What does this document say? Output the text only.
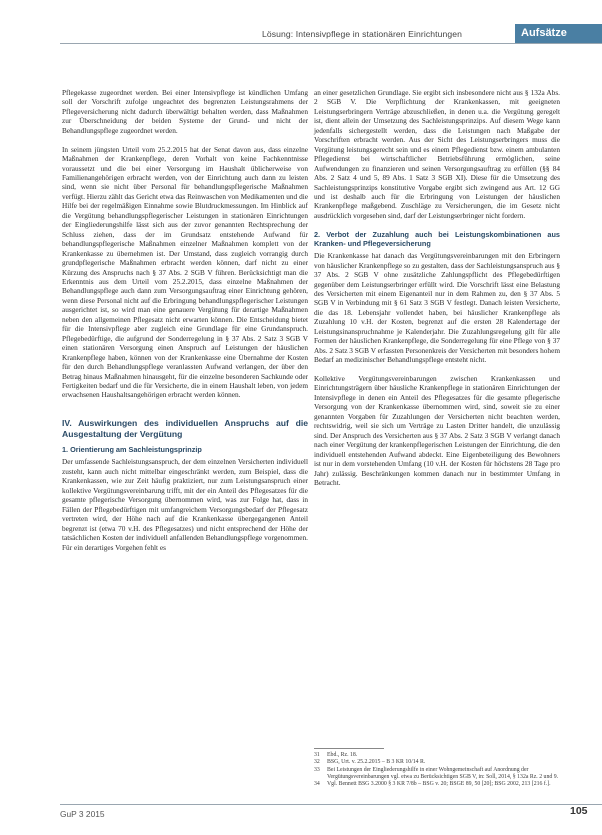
Lösung: Intensivpflege in stationären Einrichtungen	Aufsätze

Pflegekasse zugeordnet werden. Bei einer Intensivpflege ist kündlichen Umfang soll der Vorschrift zufolge ungeachtet des begrenzten Leistungsrahmens der Pflegeversicherung nicht dadurch überwältigt behalten werden, dass Maßnahmen zur Überschneidung der beiden Systeme der Grund- und nicht der Behandlungspflege zugeordnet werden.

In seinem jüngsten Urteil vom 25.2.2015 hat der Senat davon aus, dass einzelne Maßnahmen der Krankenpflege, deren Vorhalt von keine Fachkenntnisse voraussetzt und die bei einer Versorgung im Haushalt üblicherweise von Familienangehörigen erbracht werden, von der Einrichtung auch dann zu leisten sind, wenn sie nicht über Personal für behandlungspflegerische Maßnahmen verfügt. Hierzu zählt das Gericht etwa das Reinwaschen von Medikamenten und die Hilfe bei der regelmäßigen Einnahme sowie Blutdruckmessungen. Im Hinblick auf die Vergütung behandlungspflegerischer Leistungen in stationären Einrichtungen der Eingliederungshilfe lässt sich aus der zuvor genannten Rechtsprechung der Schluss ziehen, dass der im Grundsatz entstehende Aufwand für behandlungspflegerische Maßnahmen einzelner Maßnahmen komplett von der Krankenkasse zu übernehmen ist. Der Umstand, dass zugleich vorrangig durch grundpflegerische Maßnahmen erbracht werden können, darf nicht zu einer Kürzung des Anspruchs nach § 37 Abs. 2 SGB V führen. Berücksichtigt man die Erkenntnis aus dem Urteil vom 25.2.2015, dass einzelne Maßnahmen der Behandlungspflege auch dann zum Versorgungsauftrag einer Einrichtung gehören, wenn diese Personal nicht auf die Erbringung behandlungspflegerischer Leistungen ausgerichtet ist, so wird man eine genauere Vergütung für derartige Maßnahmen neben den allgemeinen Pflegesatz nicht erwarten können. Die Entscheidung bietet für die Intensivpflege aber zugleich eine Grundlage für eine Grundanspruch. Pflegebedürftige, die aufgrund der Sonderregelung in § 37 Abs. 2 Satz 3 SGB V einen stationären Versorgung einen Anspruch auf Leistungen der häuslichen Krankenpflege haben, können von der Krankenkasse eine Übernahme der Kosten für den durch Behandlungspflege veranlassten Aufwand verlangen, der über den Betrag hinaus Maßnahmen hinausgeht, für die einzelne besonderen Sachkunde oder Fertigkeiten bedarf und die für Versicherte, die in einem Haushalt leben, von jedem erwachsenen Haushaltsangehörigen erbracht werden können.

IV. Auswirkungen des individuellen Anspruchs auf die Ausgestaltung der Vergütung
1. Orientierung am Sachleistungsprinzip

Der umfassende Sachleistungsanspruch, der dem einzelnen Versicherten individuell zusteht, kann auch nicht mittelbar eingeschränkt werden, zum Beispiel, dass die Krankenkassen, wie zur Zeit häufig praktiziert, nur zum Leistungsanspruch einer kollektive Vergütungsvereinbarung trifft, mit der ein Anteil des Pflegesatzes für die gesamte pflegerische Versorgung übernommen wird, was zur Folge hat, dass in Fällen der Pflegebedürftigen mit umfangreichem Versorgungsbedarf der Pflegesatz vertreten wird, der Höhe nach auf die Krankenkasse übergegangenen Anteil begrenzt ist (etwa 70 v.H. des Pflegesatzes) und nicht entsprechend der Höhe der tatsächlichen Kosten der individuell anfallenden Behandlungspflege vorgenommen. Für ein derartiges Vorgehen fehlt es

an einer gesetzlichen Grundlage. Sie ergibt sich insbesondere nicht aus § 132a Abs. 2 SGB V. Die Verpflichtung der Krankenkassen, mit geeigneten Leistungserbringern Verträge abzuschließen, in denen u.a. die Vergütung geregelt ist, dient allein der Umsetzung des Sachleistungsprinzips. Auf diesem Wege kann jedenfalls sichergestellt werden, dass die Leistungen nach Maßgabe der Vorschriften erbracht werden. Aus der Sicht des Leistungserbringers muss die Vergütung leistungsgerecht sein und es einem Pflegedienst bzw. einem ambulanten Pflegedienst bei wirtschaftlicher Betriebsführung ermöglichen, seine Aufwendungen zu finanzieren und seinen Versorgungsauftrag zu erfüllen (§§ 84 Abs. 2 Satz 4 und 5, 89 Abs. 1 Satz 3 SGB XI). Diese für die Umsetzung des Sachleistungsprinzips konstitutive Vorgabe ergibt sich zwingend aus Art. 12 GG und ist deshalb auch für die Erbringung von Leistungen der häuslichen Krankenpflege maßgebend. Zuschläge zu Versicherungen, die im Gesetz nicht ausdrücklich vorgesehen sind, darf der Leistungserbringer nicht fordern.

2. Verbot der Zuzahlung auch bei Leistungskombinationen aus Kranken- und Pflegeversicherung

Die Krankenkasse hat danach das Vergütungsvereinbarungen mit den Erbringern von häuslicher Krankenpflege so zu gestalten, dass der Sachleistungsanspruch aus § 37 Abs. 2 SGB V ohne zusätzliche Zahlungspflicht des Pflegebedürftigen gegenüber dem Leistungserbringer erfüllt wird. Die Vorschrift lässt eine Belastung des Versicherten mit einem Eigenanteil nur in dem Rahmen zu, den § 37 Abs. 5 SGB V in Verbindung mit § 61 Satz 3 SGB V festlegt. Danach leisten Versicherte, die das 18. Lebensjahr vollendet haben, bei häuslicher Krankenpflege als Zuzahlung 10 v.H. der Kosten, begrenzt auf die ersten 28 Kalendertage der Leistungsinanspruchnahme je Kalenderjahr. Die Zuzahlungsregelung gilt für alle Formen der häuslichen Krankenpflege, die Sonderregelung für eine Pflege von § 37 Abs. 2 Satz 3 SGB V erfassten Personenkreis der Versicherten mit besonders hohem Bedarf an medizinischer Behandlungspflege entsteht nicht.

Kollektive Vergütungsvereinbarungen zwischen Krankenkassen und Einrichtungsträgern über häusliche Krankenpflege in stationären Einrichtungen der Intensivpflege in denen ein Anteil des Pflegesatzes für die gesamte pflegerische Versorgung von der Krankenkasse übernommen wird, sind, soweit sie zu einer genannten Vorgaben für Zuzahlungen der Versicherten nicht beachten werden, rechtswidrig, weil sie sich um Verträge zu Lasten Dritter handelt, die unzulässig sind. Der Anspruch des Versicherten aus § 37 Abs. 2 Satz 3 SGB V verlangt danach nach einer Vergütung der krankenpflegerischen Leistungen der Einrichtung, die den individuell entstehenden Aufwand abdeckt. Eine Eigenbeteiligung des Bewohners ist nur in dem vorstehenden Umfang (10 v.H. der Kosten für höchstens 28 Tage pro Jahr) zulässig. Beschränkungen kommen danach nur in bestimmter Umfang in Betracht.

31	Ebd., Rz. 18.
32	BSG, Urt. v. 25.2.2015 – B 3 KR 10/14 R.
33	Bei Leistungen der Eingliederungshilfe in einer Wohngemeinschaft auf Anordnung der Vergütungsvereinbarungen vgl. etwa zu Berücksichtigen SGB V, in: Soll, 2014, § 132a Rz. 2 und 9.
34	Vgl. Bennett BSG 3.2000 § 3 KR 7/8b – BSG v. 20; BSGE 89, 50 [20]; BSG 2002, 213 [216 f.].
GuP 3 2015	105
